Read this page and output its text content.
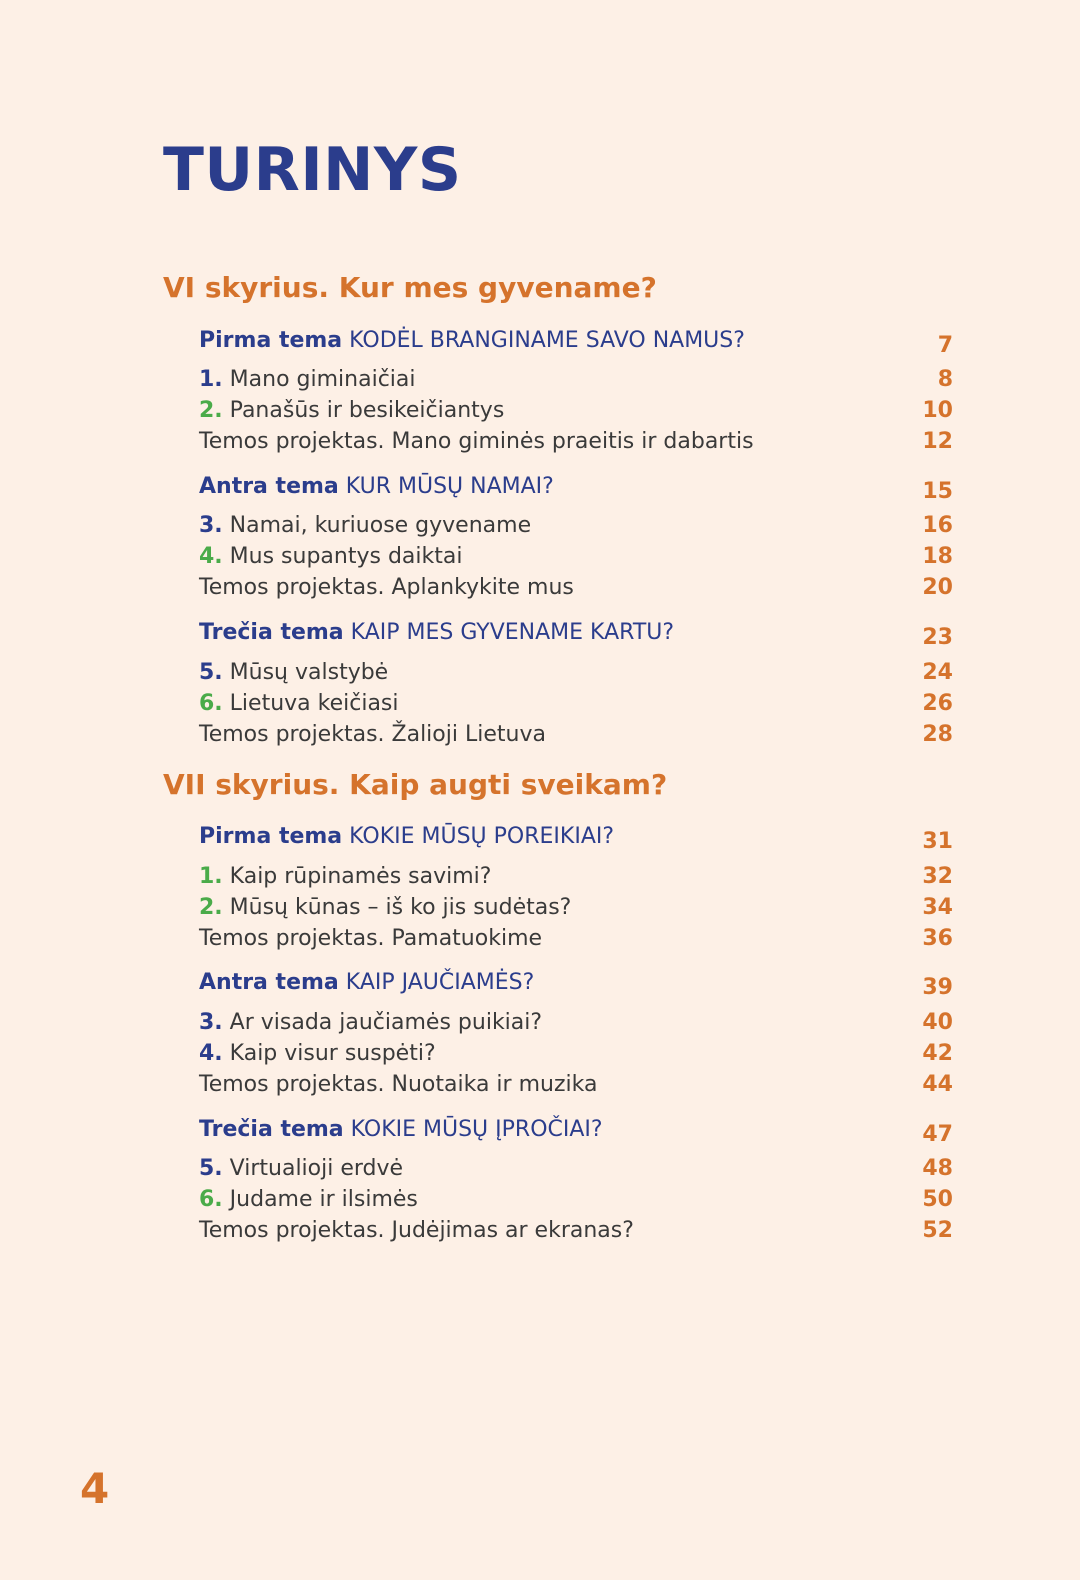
TURINYS
VI skyrius. Kur mes gyvename?
Pirma tema KODĖL BRANGINAME SAVO NAMUS?	7
1. Mano giminaičiai	8
2. Panašūs ir besikeičiantys	10
Temos projektas. Mano giminės praeitis ir dabartis	12
Antra tema KUR MŪSŲ NAMAI?	15
3. Namai, kuriuose gyvename	16
4. Mus supantys daiktai	18
Temos projektas. Aplankykite mus	20
Trečia tema KAIP MES GYVENAME KARTU?	23
5. Mūsų valstybė	24
6. Lietuva keičiasi	26
Temos projektas. Žalioji Lietuva	28
VII skyrius. Kaip augti sveikam?
Pirma tema KOKIE MŪSŲ POREIKIAI?	31
1. Kaip rūpinamės savimi?	32
2. Mūsų kūnas – iš ko jis sudėtas?	34
Temos projektas. Pamatuokime	36
Antra tema KAIP JAUČIAMĖS?	39
3. Ar visada jaučiamės puikiai?	40
4. Kaip visur suspėti?	42
Temos projektas. Nuotaika ir muzika	44
Trečia tema KOKIE MŪSŲ ĮPROČIAI?	47
5. Virtualioji erdvė	48
6. Judame ir ilsimės	50
Temos projektas. Judėjimas ar ekranas?	52
4
